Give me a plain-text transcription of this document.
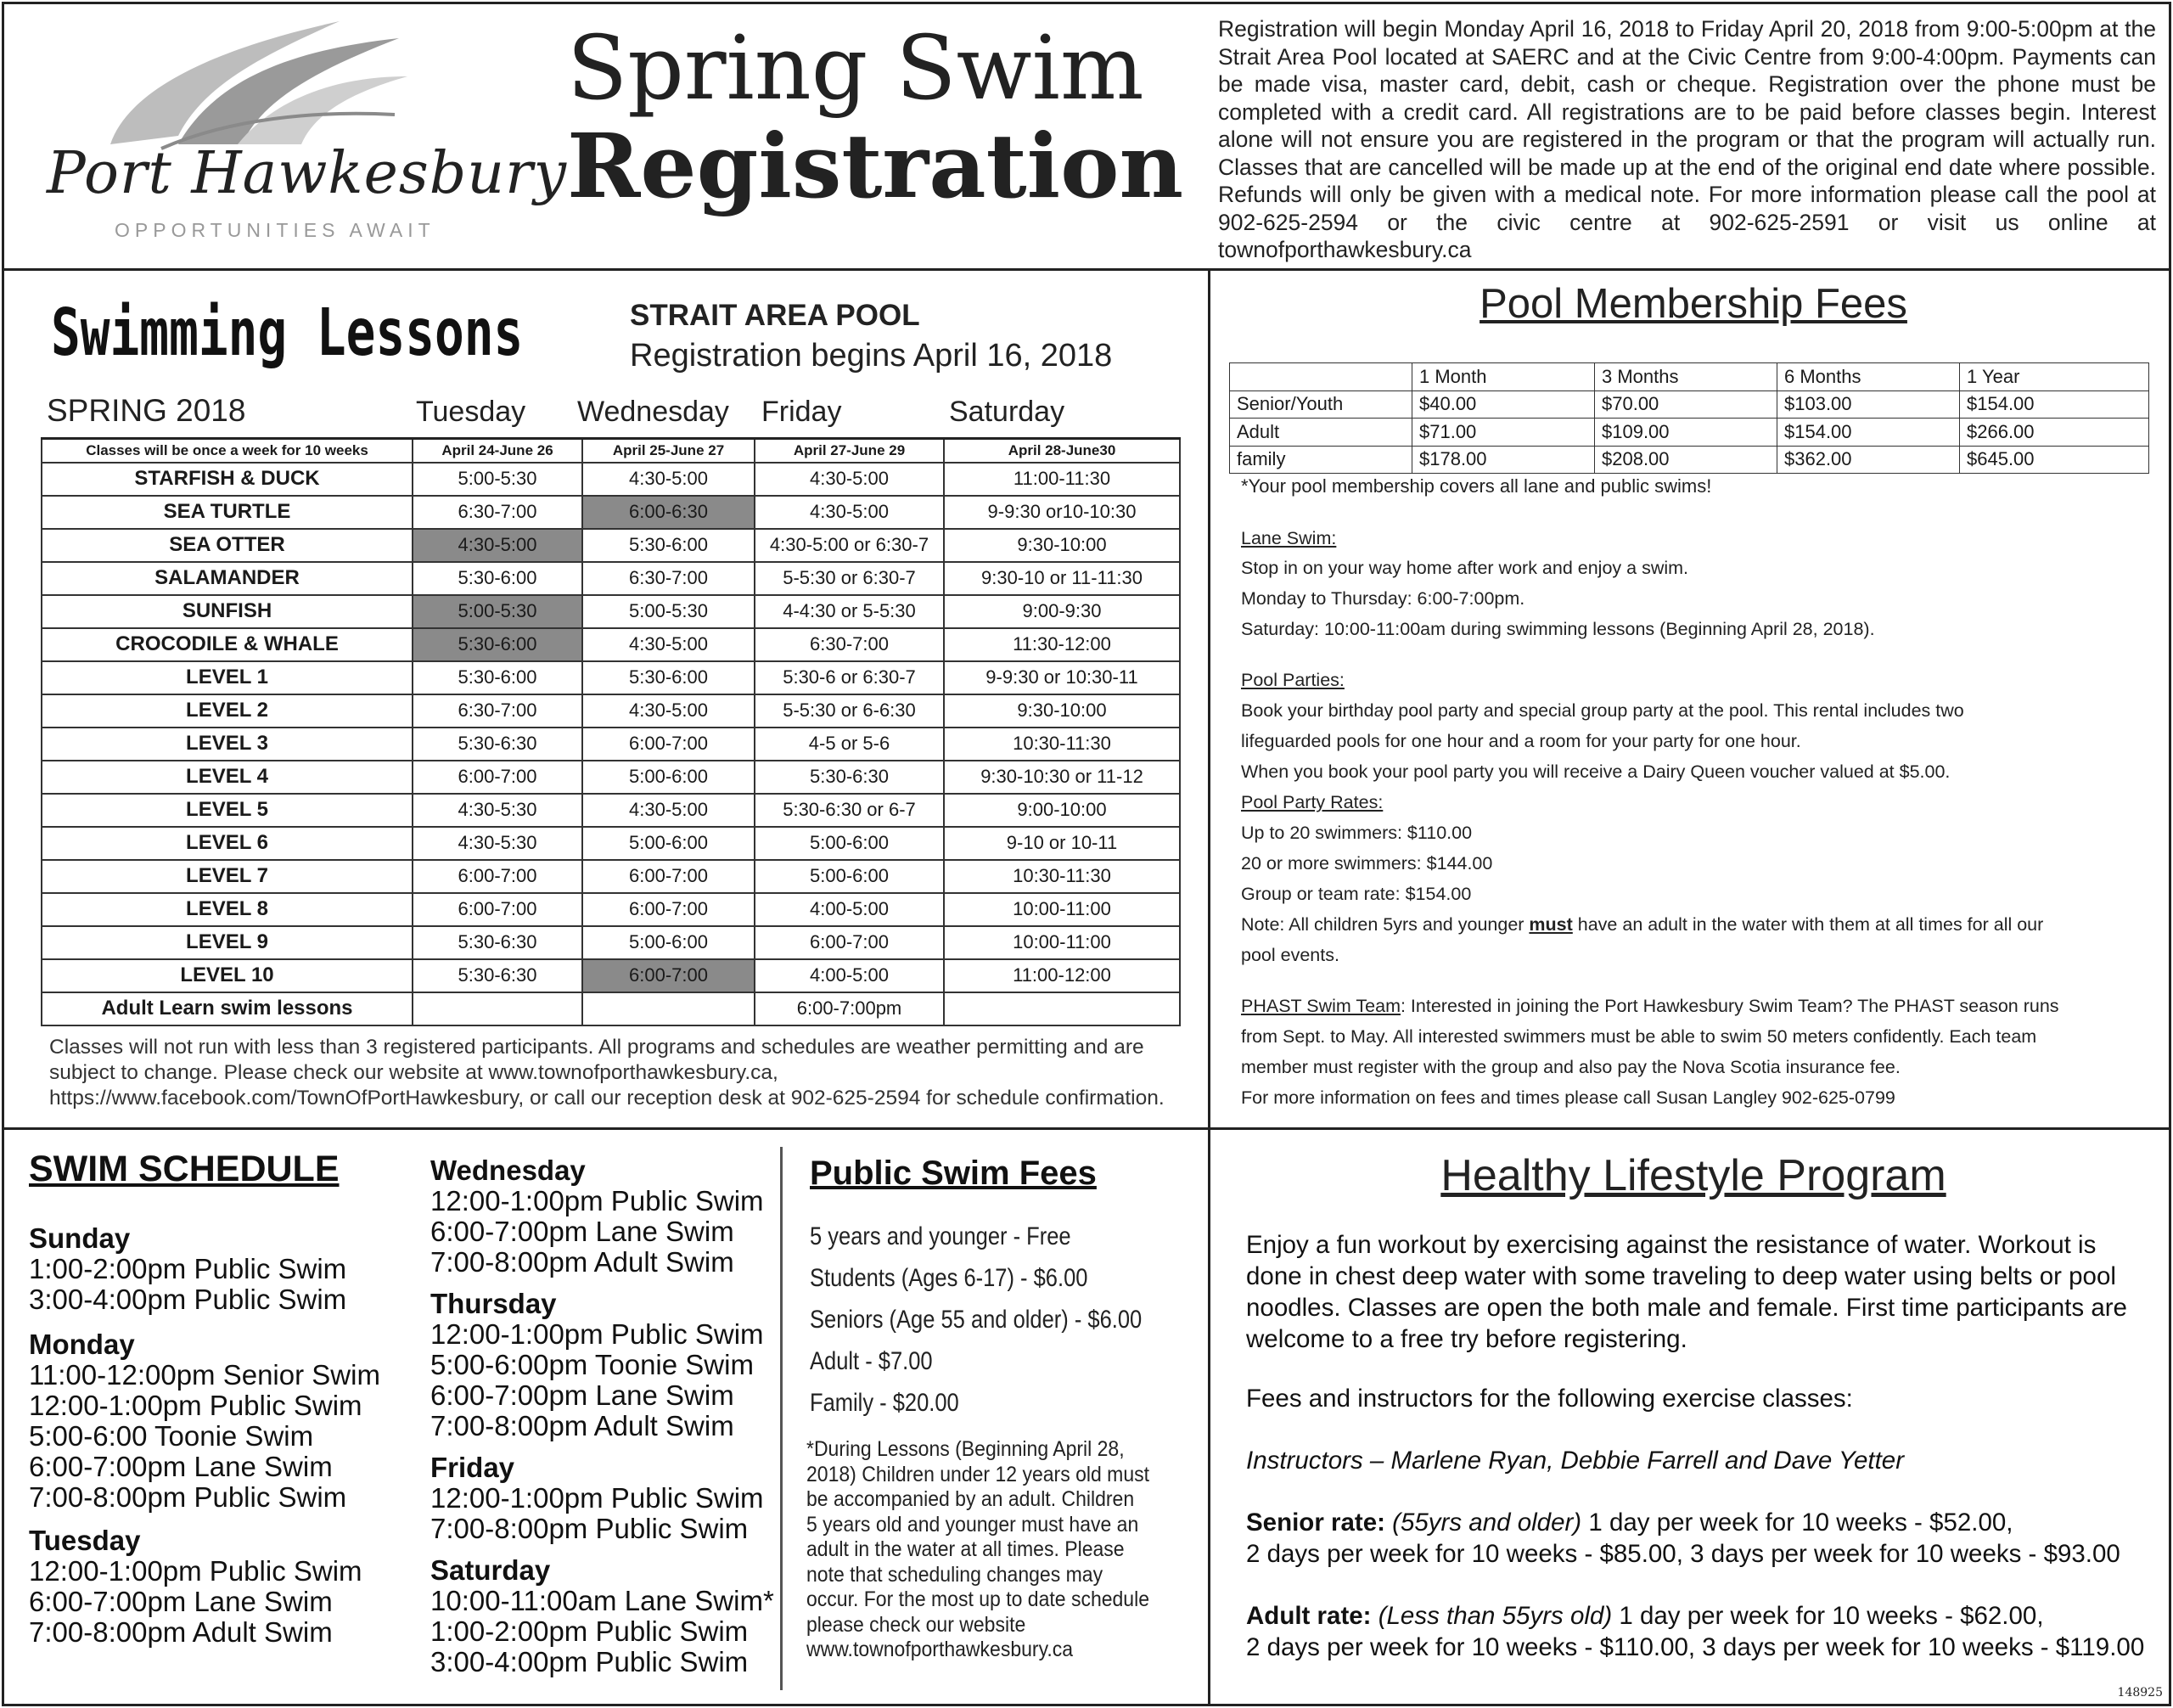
Port Hawkesbury
OPPORTUNITIES AWAIT
Spring Swim
Registration
Registration will begin Monday April 16, 2018 to Friday April 20, 2018 from 9:00-5:00pm at the Strait Area Pool located at SAERC and at the Civic Centre from 9:00-4:00pm. Payments can be made visa, master card, debit, cash or cheque. Registration over the phone must be completed with a credit card. All registrations are to be paid before classes begin. Interest alone will not ensure you are registered in the program or that the program will actually run. Classes that are cancelled will be made up at the end of the original end date where possible. Refunds will only be given with a medical note. For more information please call the pool at 902-625-2594 or the civic centre at 902-625-2591 or visit us online at townofporthawkesbury.ca
Swimming Lessons	STRAIT AREA POOL
Registration begins April 16, 2018
SPRING 2018	Tuesday Wednesday Friday	Saturday
Classes will be once a week for 10 weeks	April 24-June 26	April 25-June 27	April 27-June 29	April 28-June30
STARFISH & DUCK	5:00-5:30	4:30-5:00	4:30-5:00	11:00-11:30
SEA TURTLE	6:30-7:00	6:00-6:30	4:30-5:00	9-9:30 or10-10:30
SEA OTTER	4:30-5:00	5:30-6:00	4:30-5:00 or 6:30-7	9:30-10:00
SALAMANDER	5:30-6:00	6:30-7:00	5-5:30 or 6:30-7	9:30-10 or 11-11:30
SUNFISH	5:00-5:30	5:00-5:30	4-4:30 or 5-5:30	9:00-9:30
CROCODILE & WHALE	5:30-6:00	4:30-5:00	6:30-7:00	11:30-12:00
LEVEL 1	5:30-6:00	5:30-6:00	5:30-6 or 6:30-7	9-9:30 or 10:30-11
LEVEL 2	6:30-7:00	4:30-5:00	5-5:30 or 6-6:30	9:30-10:00
LEVEL 3	5:30-6:30	6:00-7:00	4-5 or 5-6	10:30-11:30
LEVEL 4	6:00-7:00	5:00-6:00	5:30-6:30	9:30-10:30 or 11-12
LEVEL 5	4:30-5:30	4:30-5:00	5:30-6:30 or 6-7	9:00-10:00
LEVEL 6	4:30-5:30	5:00-6:00	5:00-6:00	9-10 or 10-11
LEVEL 7	6:00-7:00	6:00-7:00	5:00-6:00	10:30-11:30
LEVEL 8	6:00-7:00	6:00-7:00	4:00-5:00	10:00-11:00
LEVEL 9	5:30-6:30	5:00-6:00	6:00-7:00	10:00-11:00
LEVEL 10	5:30-6:30	6:00-7:00	4:00-5:00	11:00-12:00
Adult Learn swim lessons			6:00-7:00pm	
Classes will not run with less than 3 registered participants. All programs and schedules are weather permitting and are subject to change. Please check our website at www.townofporthawkesbury.ca, https://www.facebook.com/TownOfPortHawkesbury, or call our reception desk at 902-625-2594 for schedule confirmation.
Pool Membership Fees
	1 Month	3 Months	6 Months	1 Year
Senior/Youth	$40.00	$70.00	$103.00	$154.00
Adult	$71.00	$109.00	$154.00	$266.00
family	$178.00	$208.00	$362.00	$645.00
*Your pool membership covers all lane and public swims!
Lane Swim:
Stop in on your way home after work and enjoy a swim.
Monday to Thursday: 6:00-7:00pm.
Saturday: 10:00-11:00am during swimming lessons (Beginning April 28, 2018).
Pool Parties:
Book your birthday pool party and special group party at the pool. This rental includes two
lifeguarded pools for one hour and a room for your party for one hour.
When you book your pool party you will receive a Dairy Queen voucher valued at $5.00.
Pool Party Rates:
Up to 20 swimmers: $110.00
20 or more swimmers: $144.00
Group or team rate: $154.00
Note: All children 5yrs and younger must have an adult in the water with them at all times for all our
pool events.
PHAST Swim Team: Interested in joining the Port Hawkesbury Swim Team? The PHAST season runs
from Sept. to May. All interested swimmers must be able to swim 50 meters confidently. Each team
member must register with the group and also pay the Nova Scotia insurance fee.
For more information on fees and times please call Susan Langley 902-625-0799
SWIM SCHEDULE
Sunday
1:00-2:00pm Public Swim
3:00-4:00pm Public Swim
Monday
11:00-12:00pm Senior Swim
12:00-1:00pm Public Swim
5:00-6:00 Toonie Swim
6:00-7:00pm Lane Swim
7:00-8:00pm Public Swim
Tuesday
12:00-1:00pm Public Swim
6:00-7:00pm Lane Swim
7:00-8:00pm Adult Swim
Wednesday
12:00-1:00pm Public Swim
6:00-7:00pm Lane Swim
7:00-8:00pm Adult Swim
Thursday
12:00-1:00pm Public Swim
5:00-6:00pm Toonie Swim
6:00-7:00pm Lane Swim
7:00-8:00pm Adult Swim
Friday
12:00-1:00pm Public Swim
7:00-8:00pm Public Swim
Saturday
10:00-11:00am Lane Swim*
1:00-2:00pm Public Swim
3:00-4:00pm Public Swim
Public Swim Fees
5 years and younger - Free
Students (Ages 6-17) - $6.00
Seniors (Age 55 and older) - $6.00
Adult - $7.00
Family - $20.00
*During Lessons (Beginning April 28, 2018) Children under 12 years old must be accompanied by an adult. Children 5 years old and younger must have an adult in the water at all times. Please note that scheduling changes may occur. For the most up to date schedule please check our website www.townofporthawkesbury.ca
Healthy Lifestyle Program
Enjoy a fun workout by exercising against the resistance of water. Workout is done in chest deep water with some traveling to deep water using belts or pool noodles. Classes are open the both male and female. First time participants are welcome to a free try before registering.
Fees and instructors for the following exercise classes:
Instructors – Marlene Ryan, Debbie Farrell and Dave Yetter
Senior rate: (55yrs and older) 1 day per week for 10 weeks - $52.00,
2 days per week for 10 weeks - $85.00, 3 days per week for 10 weeks - $93.00
Adult rate: (Less than 55yrs old) 1 day per week for 10 weeks - $62.00,
2 days per week for 10 weeks - $110.00, 3 days per week for 10 weeks - $119.00
148925
